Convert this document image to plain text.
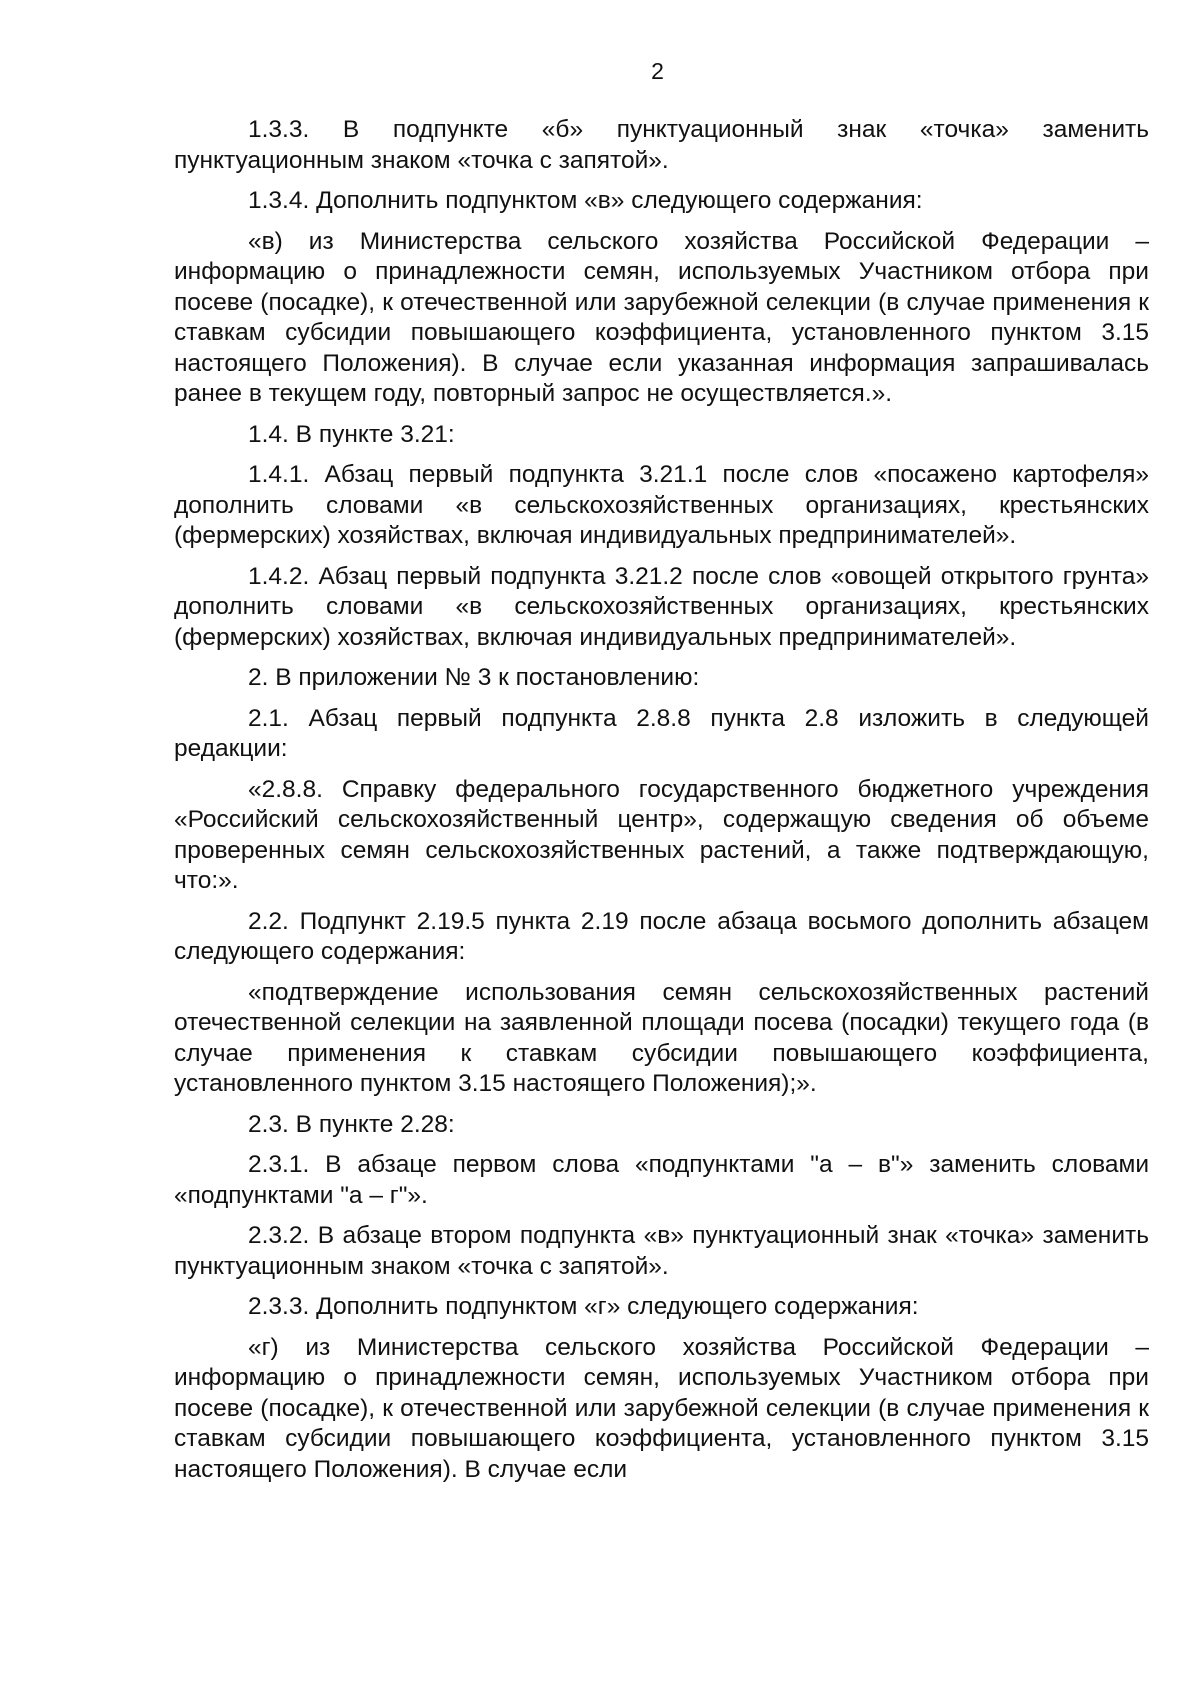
2

1.3.3. В подпункте «б» пунктуационный знак «точка» заменить пунктуационным знаком «точка с запятой».

1.3.4. Дополнить подпунктом «в» следующего содержания:

«в) из Министерства сельского хозяйства Российской Федерации – информацию о принадлежности семян, используемых Участником отбора при посеве (посадке), к отечественной или зарубежной селекции (в случае применения к ставкам субсидии повышающего коэффициента, установленного пунктом 3.15 настоящего Положения). В случае если указанная информация запрашивалась ранее в текущем году, повторный запрос не осуществляется.».

1.4. В пункте 3.21:

1.4.1. Абзац первый подпункта 3.21.1 после слов «посажено картофеля» дополнить словами «в сельскохозяйственных организациях, крестьянских (фермерских) хозяйствах, включая индивидуальных предпринимателей».

1.4.2. Абзац первый подпункта 3.21.2 после слов «овощей открытого грунта» дополнить словами «в сельскохозяйственных организациях, крестьянских (фермерских) хозяйствах, включая индивидуальных предпринимателей».

2. В приложении № 3 к постановлению:

2.1. Абзац первый подпункта 2.8.8 пункта 2.8 изложить в следующей редакции:

«2.8.8. Справку федерального государственного бюджетного учреждения «Российский сельскохозяйственный центр», содержащую сведения об объеме проверенных семян сельскохозяйственных растений, а также подтверждающую, что:».

2.2. Подпункт 2.19.5 пункта 2.19 после абзаца восьмого дополнить абзацем следующего содержания:

«подтверждение использования семян сельскохозяйственных растений отечественной селекции на заявленной площади посева (посадки) текущего года (в случае применения к ставкам субсидии повышающего коэффициента, установленного пунктом 3.15 настоящего Положения);».

2.3. В пункте 2.28:

2.3.1. В абзаце первом слова «подпунктами "а – в"» заменить словами «подпунктами "а – г"».

2.3.2. В абзаце втором подпункта «в» пунктуационный знак «точка» заменить пунктуационным знаком «точка с запятой».

2.3.3. Дополнить подпунктом «г» следующего содержания:

«г) из Министерства сельского хозяйства Российской Федерации – информацию о принадлежности семян, используемых Участником отбора при посеве (посадке), к отечественной или зарубежной селекции (в случае применения к ставкам субсидии повышающего коэффициента, установленного пунктом 3.15 настоящего Положения). В случае если
